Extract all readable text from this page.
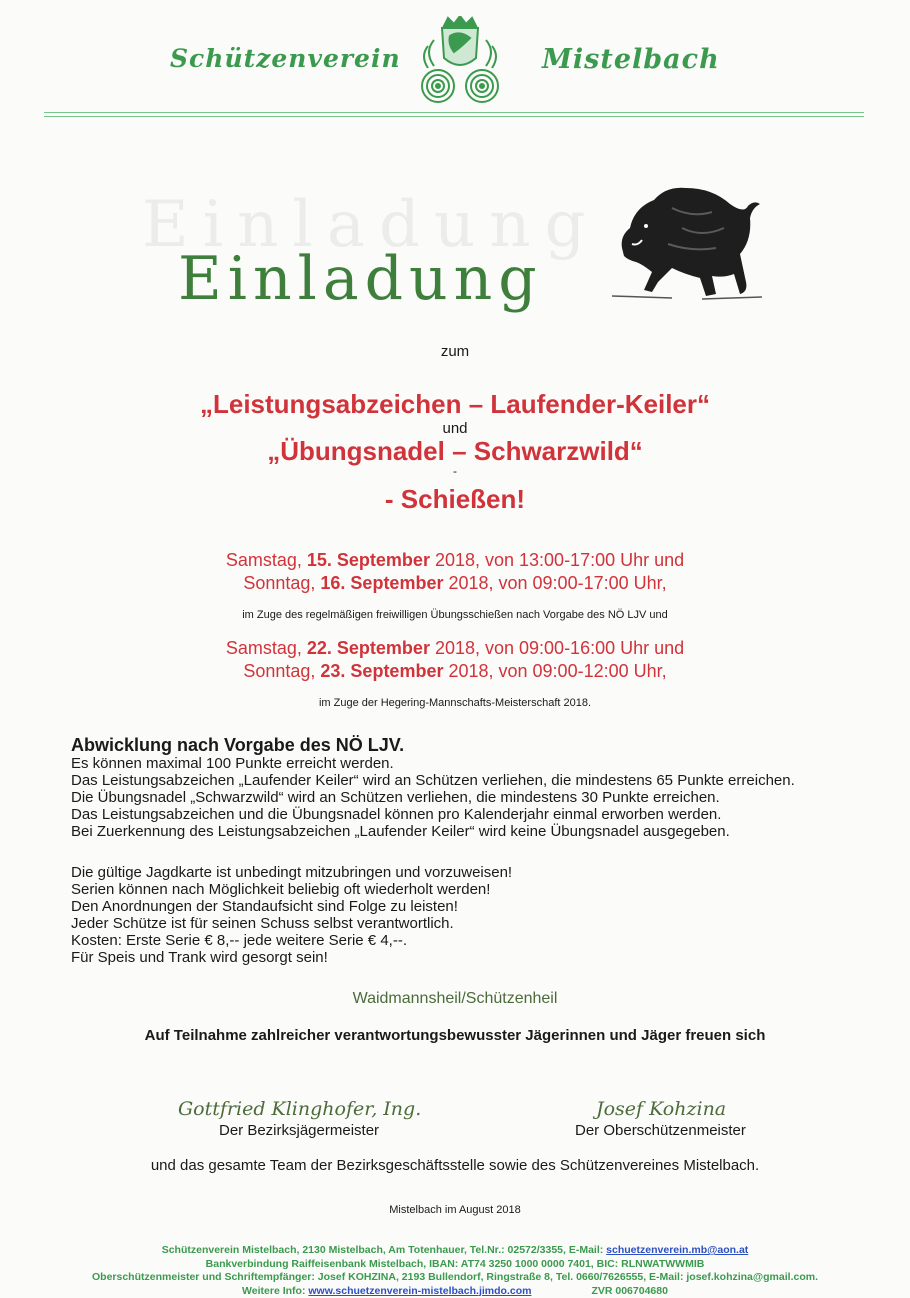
Schützenverein	Mistelbach
Einladung
Einladung
zum
„Leistungsabzeichen – Laufender-Keiler“
und
„Übungsnadel – Schwarzwild“
-
- Schießen!
Samstag, 15. September 2018, von 13:00-17:00 Uhr und
Sonntag, 16. September 2018, von 09:00-17:00 Uhr,
im Zuge des regelmäßigen freiwilligen Übungsschießen nach Vorgabe des NÖ LJV und
Samstag, 22. September 2018, von 09:00-16:00 Uhr und
Sonntag, 23. September 2018, von 09:00-12:00 Uhr,
im Zuge der Hegering-Mannschafts-Meisterschaft 2018.
Abwicklung nach Vorgabe des NÖ LJV.
Es können maximal 100 Punkte erreicht werden.
Das Leistungsabzeichen „Laufender Keiler“ wird an Schützen verliehen, die mindestens 65 Punkte erreichen.
Die Übungsnadel „Schwarzwild“ wird an Schützen verliehen, die mindestens 30 Punkte erreichen.
Das Leistungsabzeichen und die Übungsnadel können pro Kalenderjahr einmal erworben werden.
Bei Zuerkennung des Leistungsabzeichen „Laufender Keiler“ wird keine Übungsnadel ausgegeben.
Die gültige Jagdkarte ist unbedingt mitzubringen und vorzuweisen!
Serien können nach Möglichkeit beliebig oft wiederholt werden!
Den Anordnungen der Standaufsicht sind Folge zu leisten!
Jeder Schütze ist für seinen Schuss selbst verantwortlich.
Kosten: Erste Serie € 8,-- jede weitere Serie € 4,--.
Für Speis und Trank wird gesorgt sein!
Waidmannsheil/Schützenheil
Auf Teilnahme zahlreicher verantwortungsbewusster Jägerinnen und Jäger freuen sich
Gottfried Klinghofer, Ing.
Der Bezirksjägermeister
Josef Kohzina
Der Oberschützenmeister
und das gesamte Team der Bezirksgeschäftsstelle sowie des Schützenvereines Mistelbach.
Mistelbach im August 2018
Schützenverein Mistelbach, 2130 Mistelbach, Am Totenhauer, Tel.Nr.: 02572/3355, E-Mail: schuetzenverein.mb@aon.at
Bankverbindung Raiffeisenbank Mistelbach, IBAN: AT74 3250 1000 0000 7401, BIC: RLNWATWWMIB
Oberschützenmeister und Schriftempfänger: Josef KOHZINA, 2193 Bullendorf, Ringstraße 8, Tel. 0660/7626555, E-Mail: josef.kohzina@gmail.com.
Weitere Info: www.schuetzenverein-mistelbach.jimdo.com	ZVR 006704680
